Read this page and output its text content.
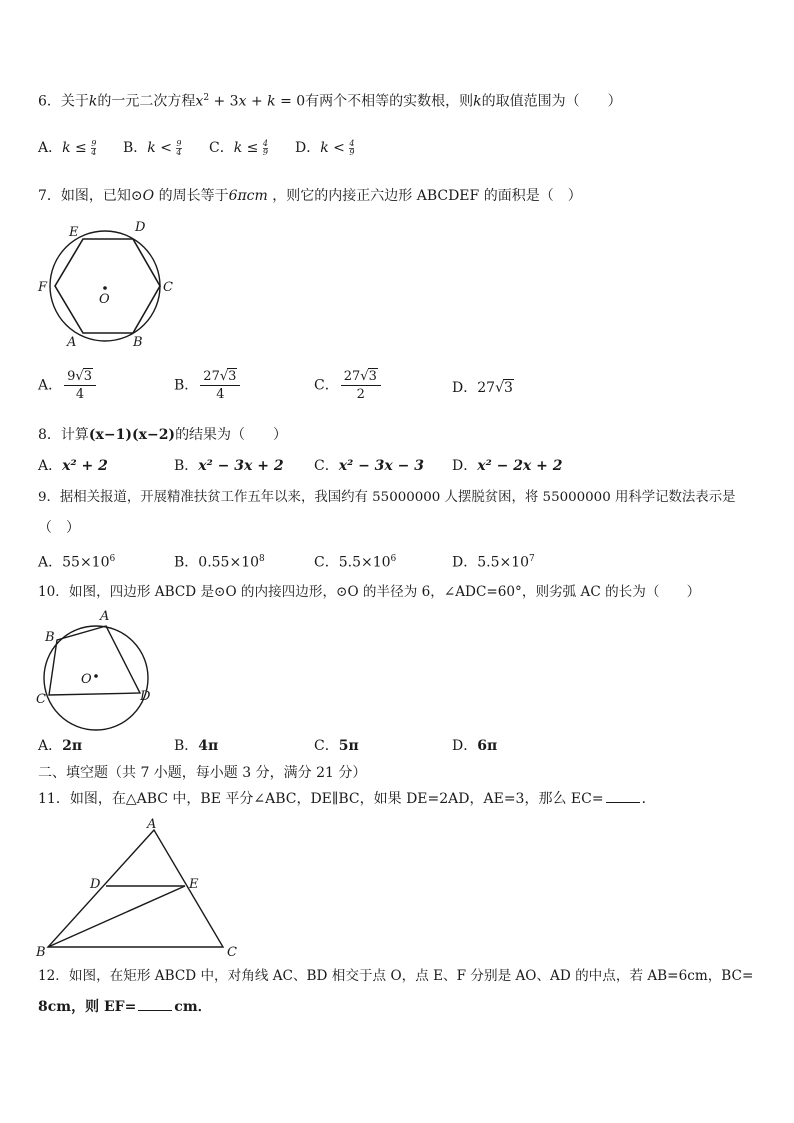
6．关于k的一元二次方程$x^2 + 3x + k = 0$有两个不相等的实数根，则k的取值范围为（　　）
A．$k \le \frac{9}{4}$ B．$k < \frac{9}{4}$ C．$k \le \frac{4}{9}$ D．$k < \frac{4}{9}$
7．如图，已知⊙O 的周长等于6πcm ，则它的内接正六边形 ABCDEF 的面积是（　）
E	D
F	C
O
A	B
A． $\frac{9√3}{4}$	B． $\frac{27√3}{4}$	C． $\frac{27√3}{2}$	D．27√3
8．计算(x−1)(x−2)的结果为（　　）
A．x² + 2	B．x² − 3x + 2 C．x² − 3x − 3 D．x² − 2x + 2
9．据相关报道，开展精准扶贫工作五年以来，我国约有 55000000 人摆脱贫困，将 55000000 用科学记数法表示是
（　）
A．$55\times 10^6$	B．$0.55\times 10^8$	C．$5.5\times 10^6$	D．$5.5\times 10^7$
10．如图，四边形 ABCD 是⊙O 的内接四边形，⊙O 的半径为 6，∠ADC=60°，则劣弧 AC 的长为（　　）
A
B
C	D
O
A．2π	B．4π	C．5π	D．6π
二、填空题（共 7 小题，每小题 3 分，满分 21 分）
11．如图，在△ABC 中，BE 平分∠ABC，DE∥BC，如果 DE=2AD，AE=3，那么 EC=	．
A
D	E
B	C
12．如图，在矩形 ABCD 中，对角线 AC、BD 相交于点 O，点 E、F 分别是 AO、AD 的中点，若 AB=6cm，BC=
8cm，则 EF=	cm．
